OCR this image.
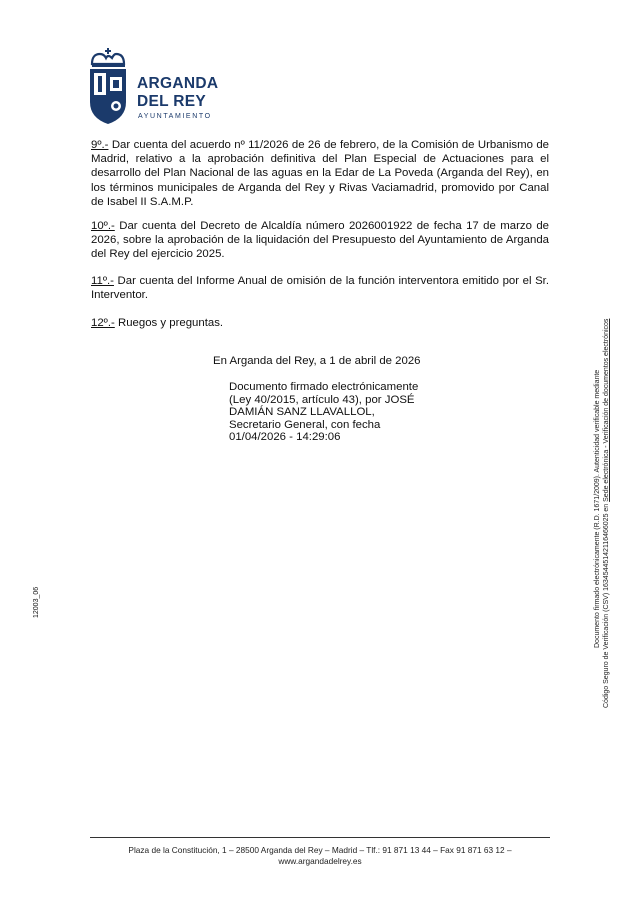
ARGANDA
DEL REY
AYUNTAMIENTO
9º.- Dar cuenta del acuerdo nº 11/2026 de 26 de febrero, de la Comisión de Urbanismo de Madrid, relativo a la aprobación definitiva del Plan Especial de Actuaciones para el desarrollo del Plan Nacional de las aguas en la Edar de La Poveda (Arganda del Rey), en los términos municipales de Arganda del Rey y Rivas Vaciamadrid, promovido por Canal de Isabel II S.A.M.P.
10º.- Dar cuenta del Decreto de Alcaldía número 2026001922 de fecha 17 de marzo de 2026, sobre la aprobación de la liquidación del Presupuesto del Ayuntamiento de Arganda del Rey del ejercicio 2025.
11º.- Dar cuenta del Informe Anual de omisión de la función interventora emitido por el Sr. Interventor.
12º.- Ruegos y preguntas.
En Arganda del Rey, a 1 de abril de 2026
Documento firmado electrónicamente (Ley 40/2015, artículo 43), por JOSÉ DAMIÁN SANZ LLAVALLOL, Secretario General, con fecha 01/04/2026 - 14:29:06
12003_06	Documento firmado electrónicamente (R.D. 1671/2009). Autenticidad verificable mediante Código Seguro de Verificación (CSV) 16345445142116466025 en Sede electrónica - Verificación de documentos electrónicos
Plaza de la Constitución, 1 – 28500 Arganda del Rey – Madrid – Tlf.: 91 871 13 44 – Fax 91 871 63 12 –
www.argandadelrey.es
